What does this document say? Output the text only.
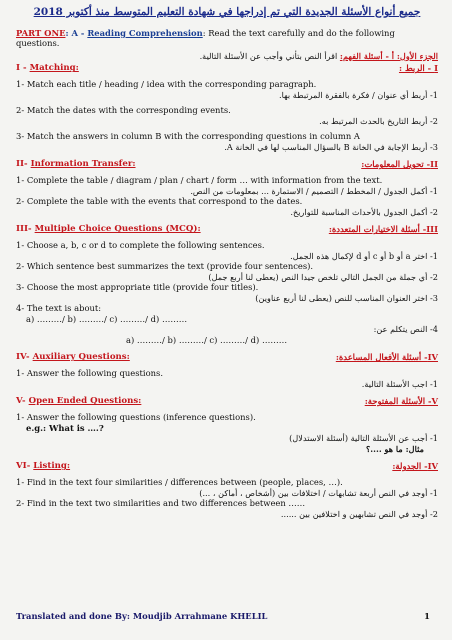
جميع أنواع الأسئلة الجديدة التي تم إدراجها في شهادة التعليم المتوسط منذ أكتوبر 2018
PART ONE: A - Reading Comprehension: Read the text carefully and do the following questions.
الجزء الأول: أ - أسئلة الفهم: اقرأ النص بتأني وأجب عن الأسئلة التالية.
I - Matching:	I - الربط :
1- Match each title / heading / idea with the corresponding paragraph.
1- أربط أي عنوان / فكرة بالفقرة المرتبطة بها.
2- Match the dates with the corresponding events.
2- أربط التاريخ بالحدث المرتبط به.
3- Match the answers in column B with the corresponding questions in column A
3- أربط الإجابة في الخانة B بالسؤال المناسب لها في الخانة A.
II- Information Transfer:	II- تحويل المعلومات:
1- Complete the table / diagram / plan / chart / form … with information from the text.
1- أكمل الجدول / المخطط / التصميم / الاستمارة ... بمعلومات من النص.
2- Complete the table with the events that correspond to the dates.
2- أكمل الجدول بالأحداث المناسبة للتواريخ.
III- Multiple Choice Questions (MCQ):	III- أسئلة الاختيارات المتعددة:
1- Choose a, b, c or d to complete the following sentences.
1- اختر a أو b أو c أو d لإكمال هذه الجمل.
2- Which sentence best summarizes the text (provide four sentences).
2- أي جملة من الجمل التالي تلخص جيدا النص (يعطى لنا أربع جمل)
3- Choose the most appropriate title (provide four titles).
3- اختر العنوان المناسب للنص (يعطى لنا أربع عناوين)
4- The text is about:
a) ………/ b) ………/ c) ………/ d) ………
4- النص يتكلم عن:
a) ………/ b) ………/ c) ………/ d) ………
IV- Auxiliary Questions:	IV- أسئلة الأفعال المساعدة:
1- Answer the following questions.
1- اجب الأسئلة التالية.
V- Open Ended Questions:	V- الأسئلة المفتوحة:
1- Answer the following questions (inference questions).
e.g.: What is ….?
1- أجب عن الأسئلة التالية (أسئلة الاستدلال)
مثال: ما هو ....؟
VI- Listing:	IV- الجدولة:
1- Find in the text four similarities / differences between (people, places, …).
1- أوجد في النص أربعة تشابهات / اختلافات بين (أشخاص ، أماكن ، ...)
2- Find in the text two similarities and two differences between ……
2- أوجد في النص تشابهين و اختلافين بين ......
Translated and done By: Moudjib Arrahmane KHELIL	1
